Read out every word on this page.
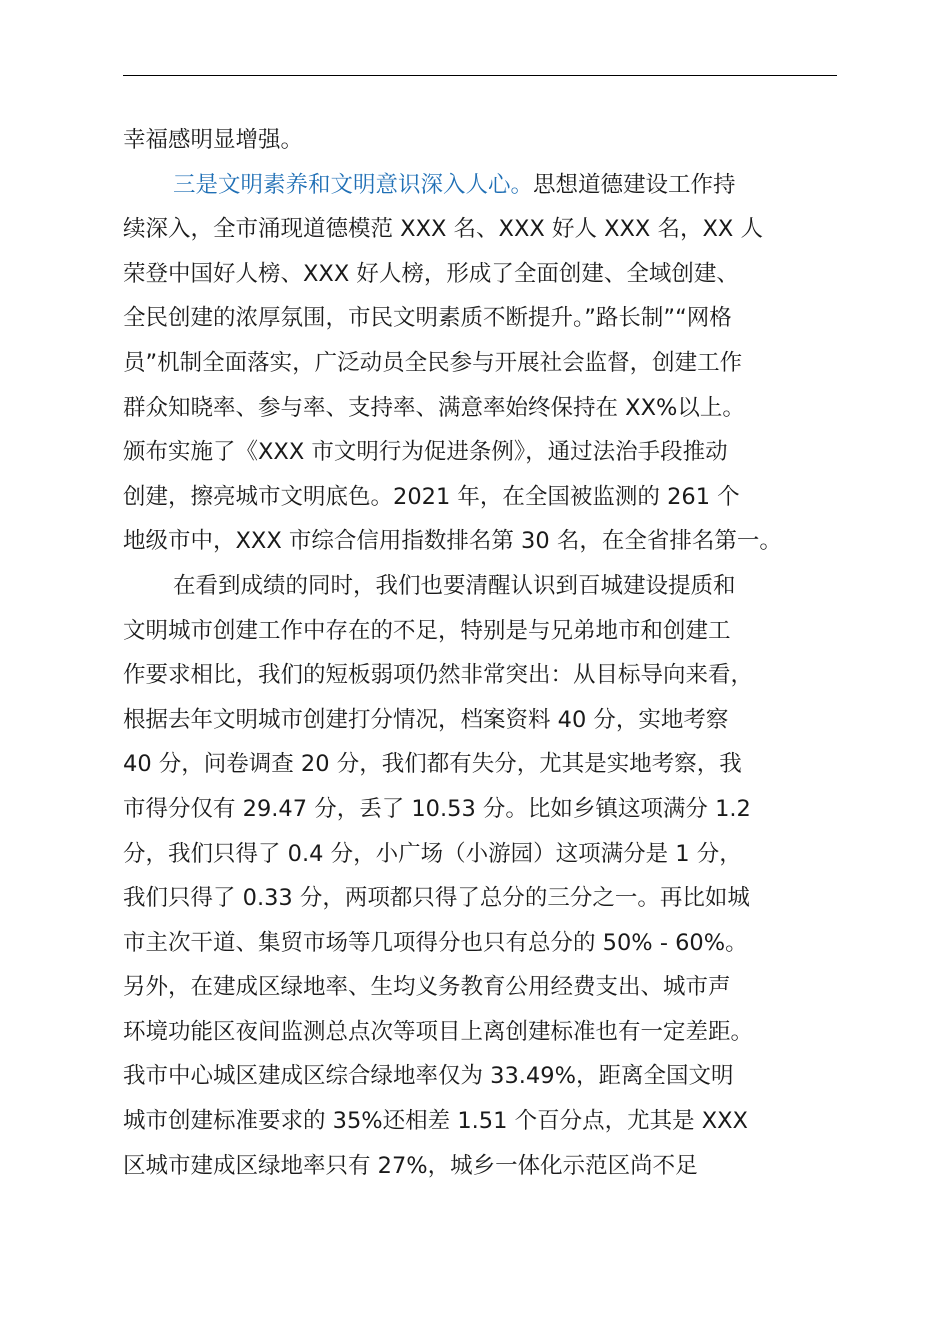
幸福感明显增强。
三是文明素养和文明意识深入人心。思想道德建设工作持
续深入，全市涌现道德模范 XXX 名、XXX 好人 XXX 名，XX 人
荣登中国好人榜、XXX 好人榜，形成了全面创建、全域创建、
全民创建的浓厚氛围，市民文明素质不断提升。”路长制”“网格
员”机制全面落实，广泛动员全民参与开展社会监督，创建工作
群众知晓率、参与率、支持率、满意率始终保持在 XX%以上。
颁布实施了《XXX 市文明行为促进条例》，通过法治手段推动
创建，擦亮城市文明底色。2021 年，在全国被监测的 261 个
地级市中，XXX 市综合信用指数排名第 30 名，在全省排名第一。
在看到成绩的同时，我们也要清醒认识到百城建设提质和
文明城市创建工作中存在的不足，特别是与兄弟地市和创建工
作要求相比，我们的短板弱项仍然非常突出：从目标导向来看，
根据去年文明城市创建打分情况，档案资料 40 分，实地考察
40 分，问卷调查 20 分，我们都有失分，尤其是实地考察，我
市得分仅有 29.47 分，丢了 10.53 分。比如乡镇这项满分 1.2
分，我们只得了 0.4 分，小广场（小游园）这项满分是 1 分，
我们只得了 0.33 分，两项都只得了总分的三分之一。再比如城
市主次干道、集贸市场等几项得分也只有总分的 50% - 60%。
另外，在建成区绿地率、生均义务教育公用经费支出、城市声
环境功能区夜间监测总点次等项目上离创建标准也有一定差距。
我市中心城区建成区综合绿地率仅为 33.49%，距离全国文明
城市创建标准要求的 35%还相差 1.51 个百分点，尤其是 XXX
区城市建成区绿地率只有 27%，城乡一体化示范区尚不足
